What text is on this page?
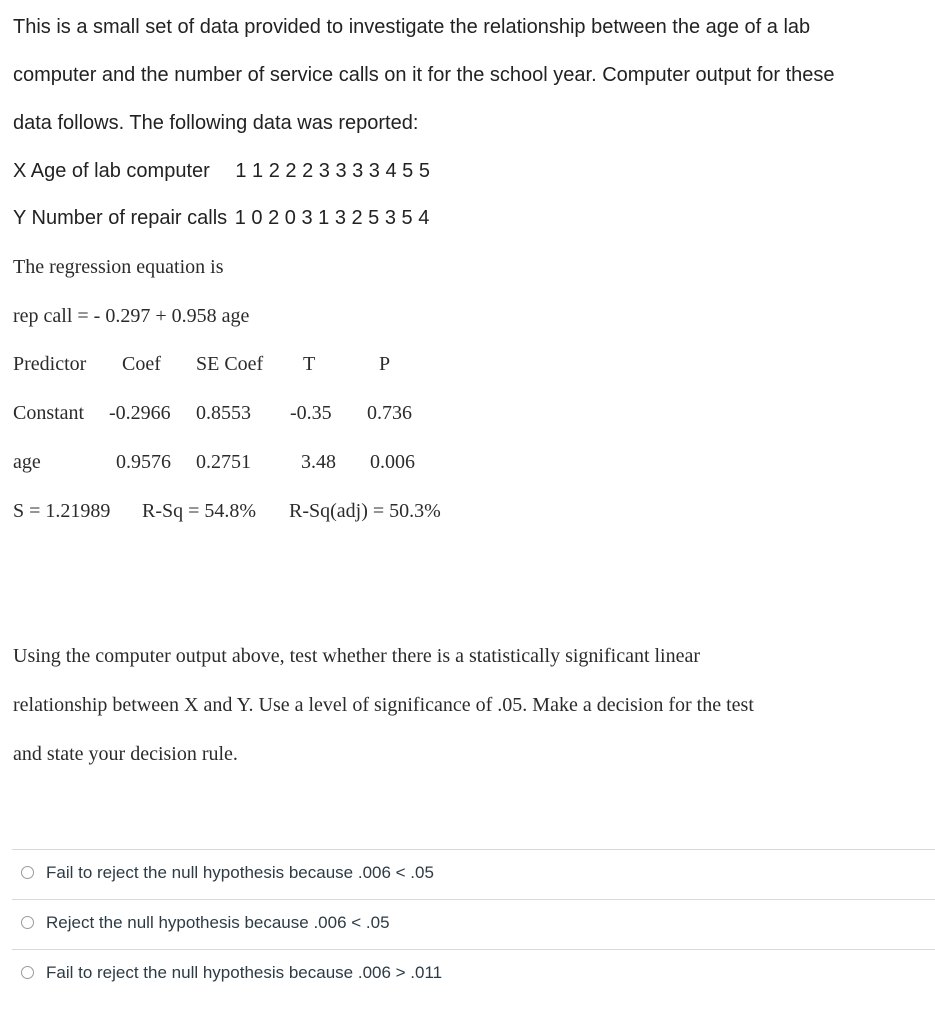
This is a small set of data provided to investigate the relationship between the age of a lab
computer and the number of service calls on it for the school year. Computer output for these
data follows. The following data was reported:
X Age of lab computer 1 1 2 2 2 3 3 3 3 4 5 5
Y Number of repair calls 1 0 2 0 3 1 3 2 5 3 5 4
The regression equation is
rep call = - 0.297 + 0.958 age
Predictor Coef SE Coef T	P
Constant -0.2966 0.8553 -0.35 0.736
age	0.9576 0.2751	3.48 0.006
S = 1.21989 R-Sq = 54.8% R-Sq(adj) = 50.3%
Using the computer output above, test whether there is a statistically significant linear
relationship between X and Y. Use a level of significance of .05. Make a decision for the test
and state your decision rule.
Fail to reject the null hypothesis because .006 < .05
Reject the null hypothesis because .006 < .05
Fail to reject the null hypothesis because .006 > .011
